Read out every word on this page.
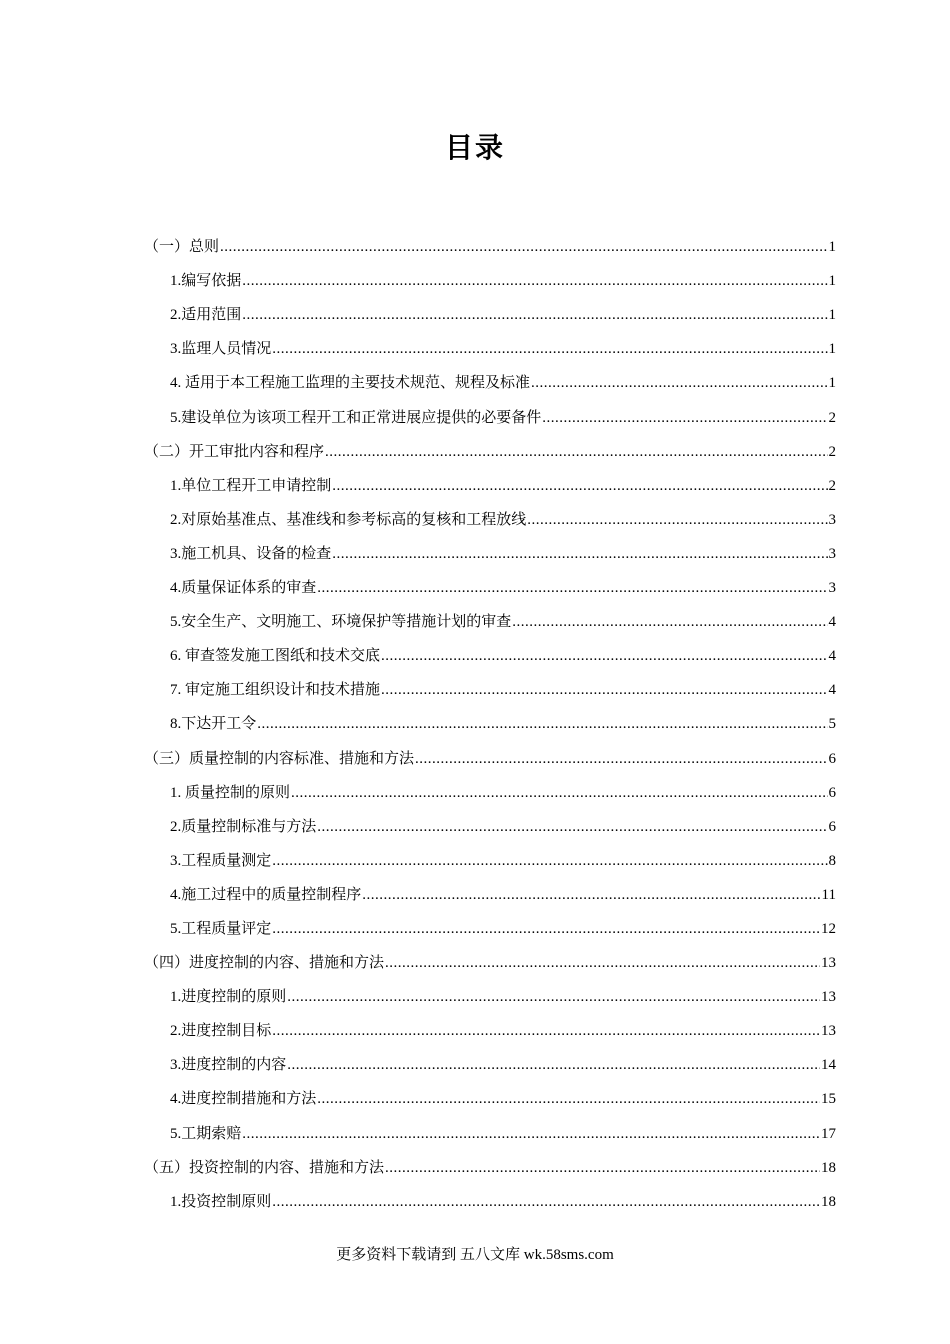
目录
（一）总则 .....	1
1.编写依据 .....	1
2.适用范围 .....	1
3.监理人员情况 .....	1
4. 适用于本工程施工监理的主要技术规范、规程及标准 .....	1
5.建设单位为该项工程开工和正常进展应提供的必要备件 .....	2
（二）开工审批内容和程序 .....	2
1.单位工程开工申请控制 .....	2
2.对原始基准点、基准线和参考标高的复核和工程放线 .....	3
3.施工机具、设备的检查 .....	3
4.质量保证体系的审查 .....	3
5.安全生产、文明施工、环境保护等措施计划的审查 .....	4
6. 审查签发施工图纸和技术交底 .....	4
7. 审定施工组织设计和技术措施 .....	4
8.下达开工令 .....	5
（三）质量控制的内容标准、措施和方法 .....	6
1. 质量控制的原则 .....	6
2.质量控制标准与方法 .....	6
3.工程质量测定 .....	8
4.施工过程中的质量控制程序 .....	11
5.工程质量评定 .....	12
（四）进度控制的内容、措施和方法 .....	13
1.进度控制的原则 .....	13
2.进度控制目标 .....	13
3.进度控制的内容 .....	14
4.进度控制措施和方法 .....	15
5.工期索赔 .....	17
（五）投资控制的内容、措施和方法 .....	18
1.投资控制原则 .....	18
更多资料下载请到 五八文库 wk.58sms.com
